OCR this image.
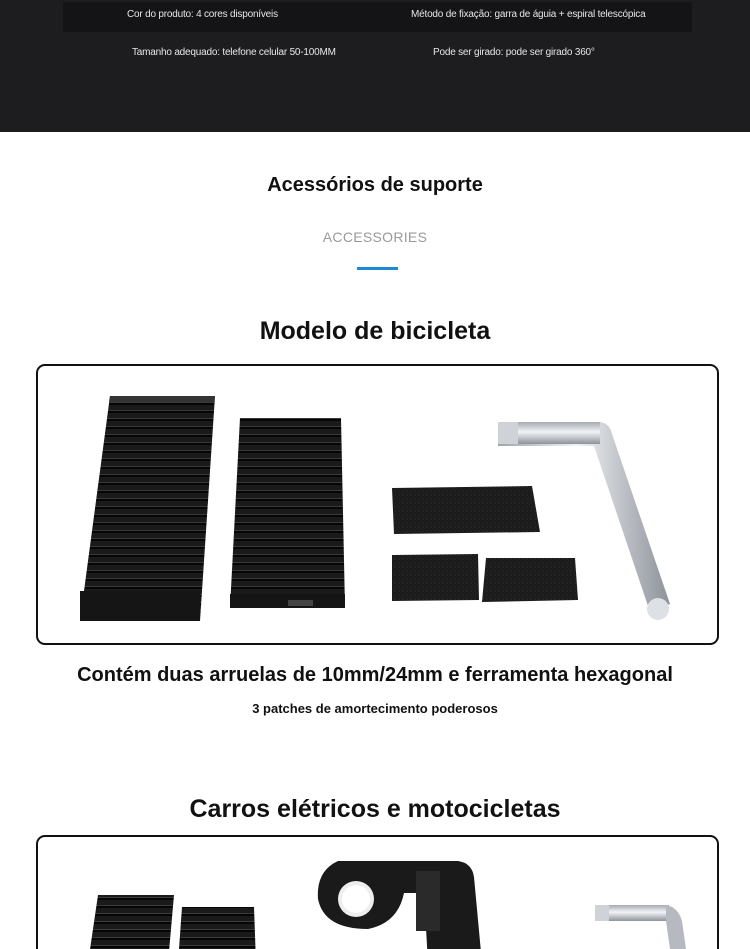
Cor do produto: 4 cores disponíveis	Método de fixação: garra de águia + espiral telescópica
Tamanho adequado: telefone celular 50-100MM	Pode ser girado: pode ser girado 360°
Acessórios de suporte
ACCESSORIES
Modelo de bicicleta
Contém duas arruelas de 10mm/24mm e ferramenta hexagonal
3 patches de amortecimento poderosos
Carros elétricos e motocicletas
